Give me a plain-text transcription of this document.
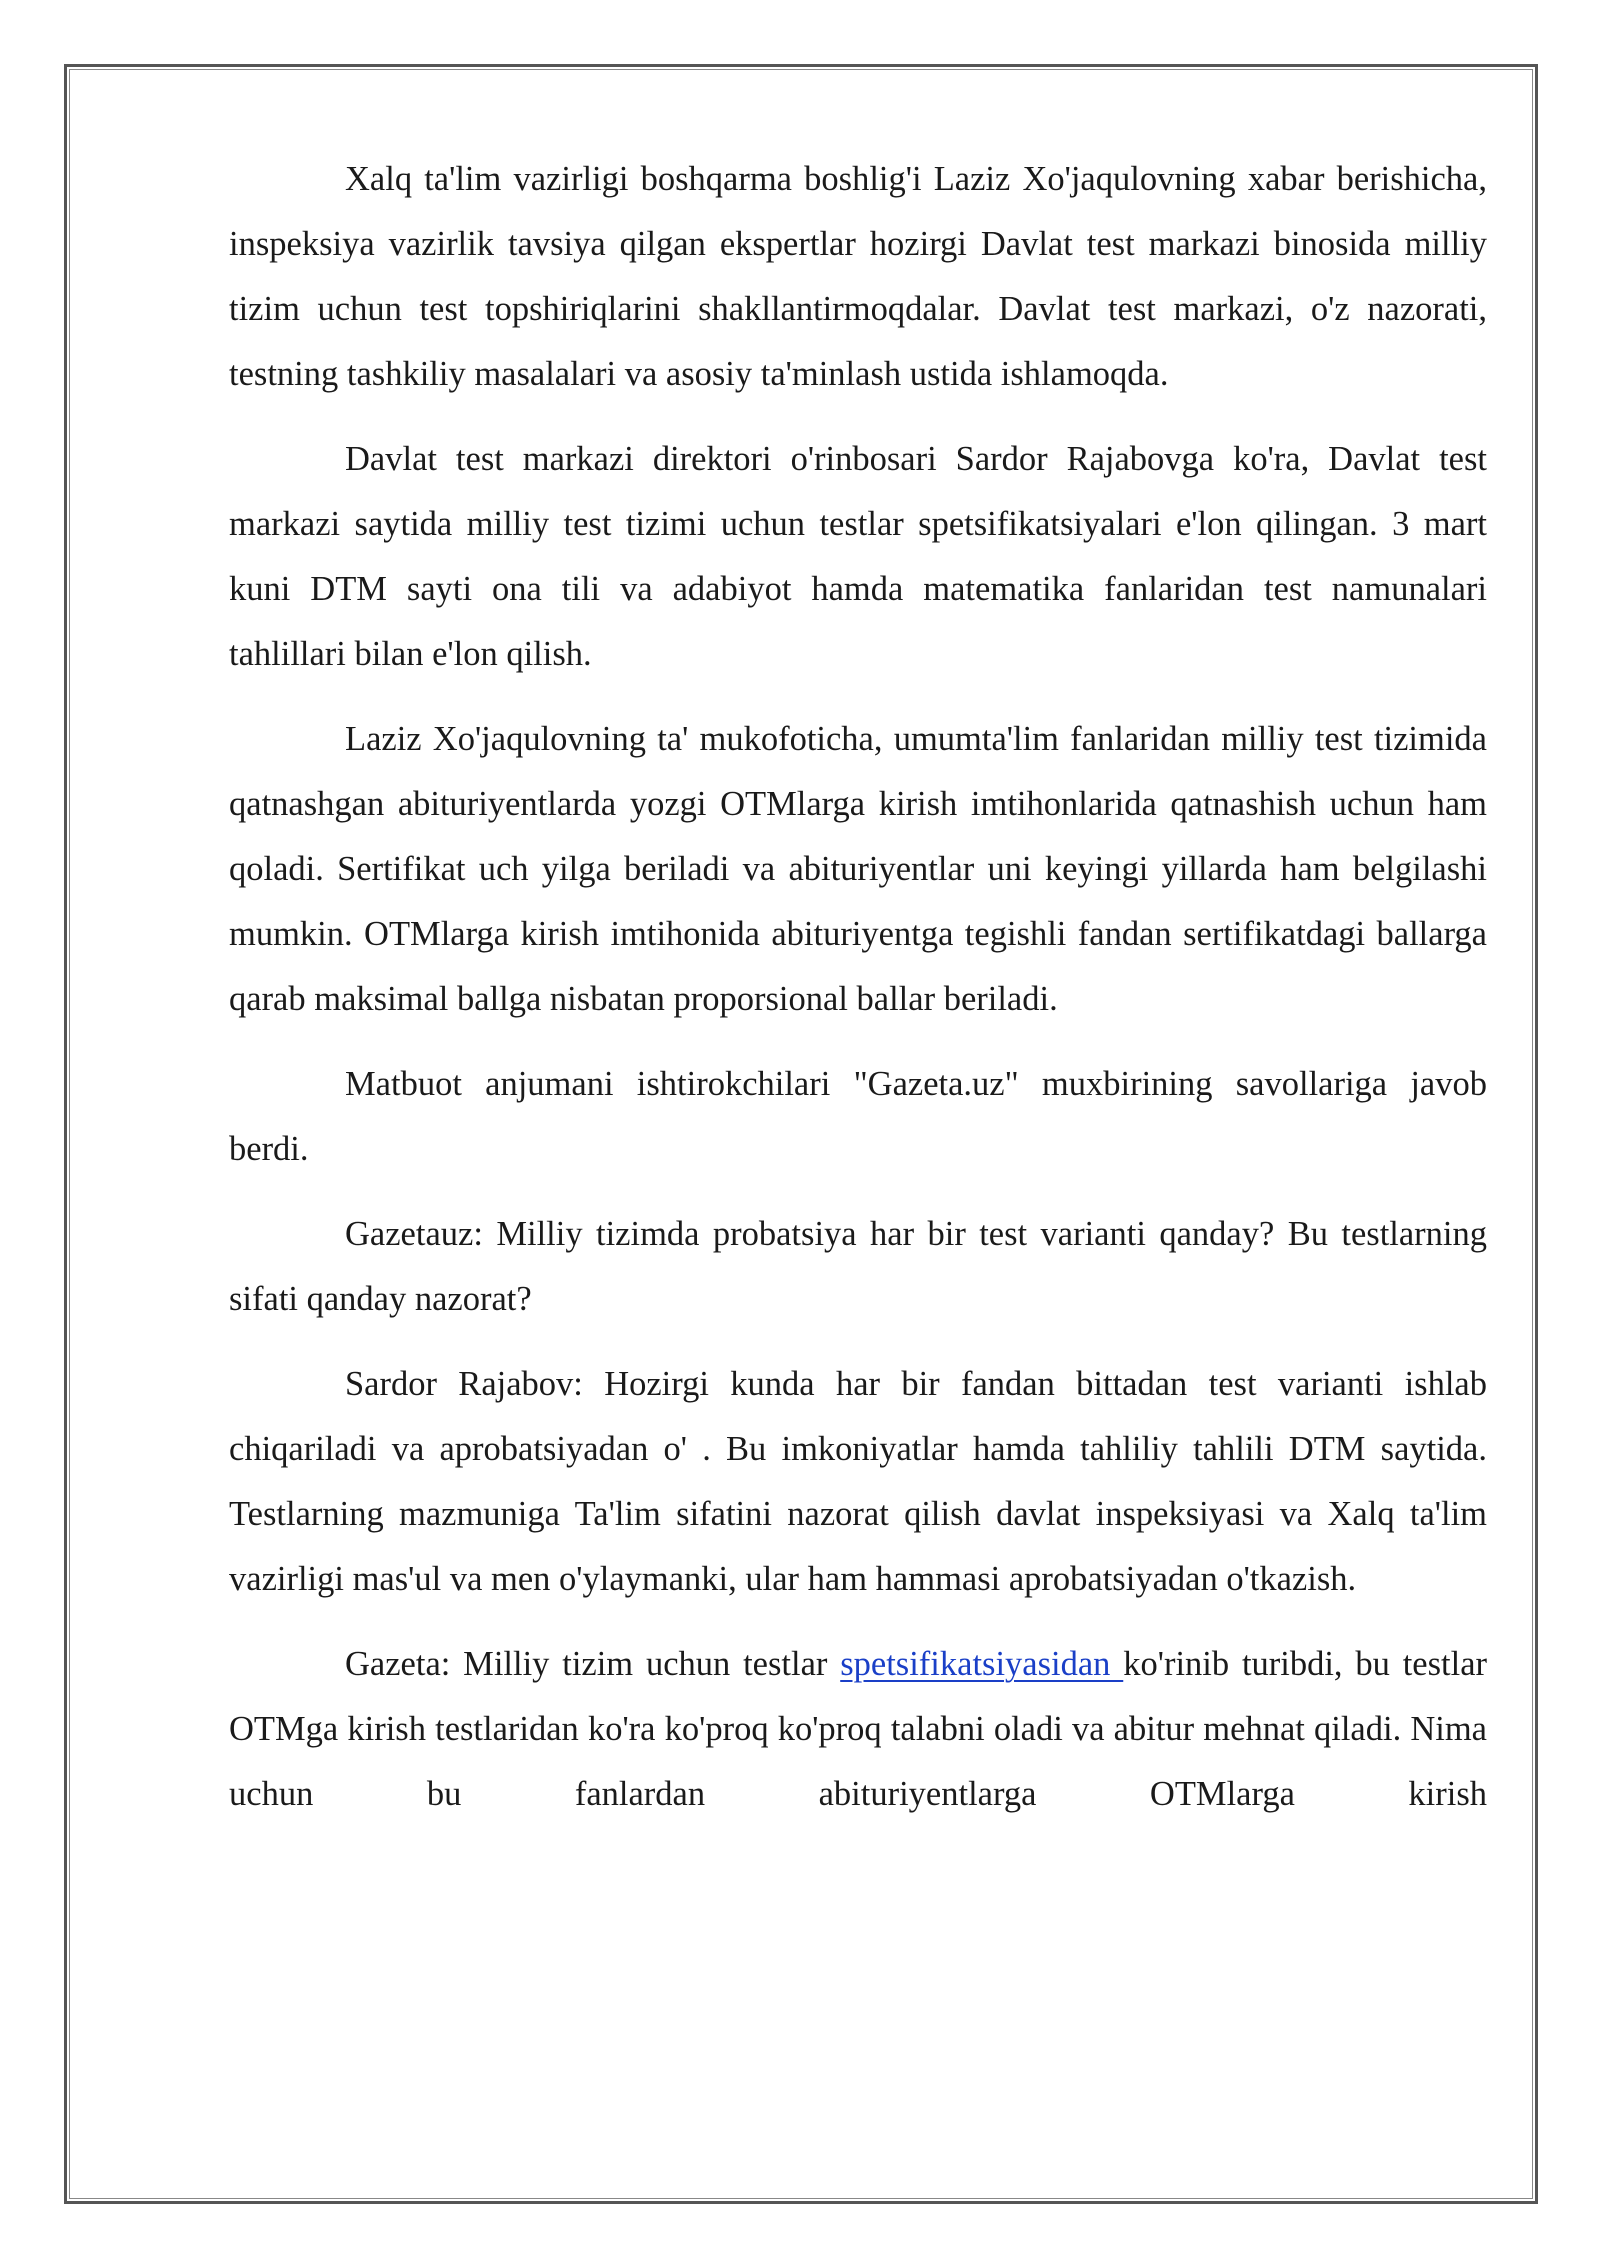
Xalq ta'lim vazirligi boshqarma boshlig'i Laziz Xo'jaqulovning xabar berishicha, inspeksiya vazirlik tavsiya qilgan ekspertlar hozirgi Davlat test markazi binosida milliy tizim uchun test topshiriqlarini shakllantirmoqdalar. Davlat test markazi, o'z nazorati, testning tashkiliy masalalari va asosiy ta'minlash ustida ishlamoqda.

Davlat test markazi direktori o'rinbosari Sardor Rajabovga ko'ra, Davlat test markazi saytida milliy test tizimi uchun testlar spetsifikatsiyalari e'lon qilingan. 3 mart kuni DTM sayti ona tili va adabiyot hamda matematika fanlaridan test namunalari tahlillari bilan e'lon qilish.

Laziz Xo'jaqulovning ta' mukofoticha, umumta'lim fanlaridan milliy test tizimida qatnashgan abituriyentlarda yozgi OTMlarga kirish imtihonlarida qatnashish uchun ham qoladi. Sertifikat uch yilga beriladi va abituriyentlar uni keyingi yillarda ham belgilashi mumkin. OTMlarga kirish imtihonida abituriyentga tegishli fandan sertifikatdagi ballarga qarab maksimal ballga nisbatan proporsional ballar beriladi.

Matbuot anjumani ishtirokchilari "Gazeta.uz" muxbirining savollariga javob berdi.

Gazetauz: Milliy tizimda probatsiya har bir test varianti qanday? Bu testlarning sifati qanday nazorat?

Sardor Rajabov: Hozirgi kunda har bir fandan bittadan test varianti ishlab chiqariladi va aprobatsiyadan o' . Bu imkoniyatlar hamda tahliliy tahlili DTM saytida. Testlarning mazmuniga Ta'lim sifatini nazorat qilish davlat inspeksiyasi va Xalq ta'lim vazirligi mas'ul va men o'ylaymanki, ular ham hammasi aprobatsiyadan o'tkazish.

Gazeta: Milliy tizim uchun testlar spetsifikatsiyasidan ko'rinib turibdi, bu testlar OTMga kirish testlaridan ko'ra ko'proq ko'proq talabni oladi va abitur mehnat qiladi. Nima uchun bu fanlardan abituriyentlarga OTMlarga kirish
